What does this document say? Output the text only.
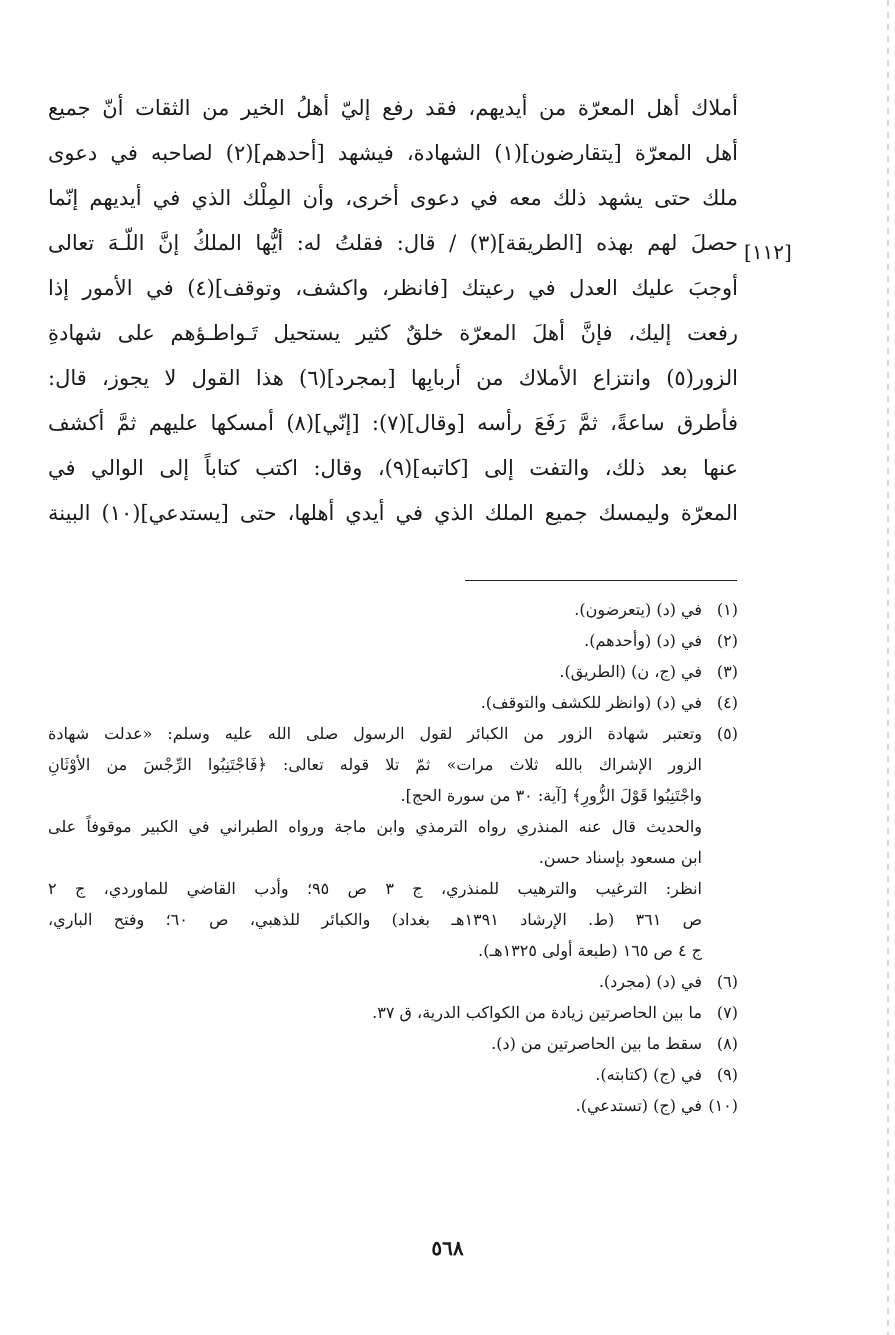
أملاك أهل المعرّة من أيديهم، فقد رفع إليّ أهلُ الخير من الثقات أنّ جميع
أهل المعرّة [يتقارضون](١) الشهادة، فيشهد [أحدهم](٢) لصاحبه في دعوى
ملك حتى يشهد ذلك معه في دعوى أخرى، وأن المِلْك الذي في أيديهم إنّما
حصلَ لهم بهذه [الطريقة](٣) / قال: فقلتُ له: أيُّها الملكُ إنَّ اللّـهَ تعالى
أوجبَ عليك العدل في رعيتك [فانظر، واكشف، وتوقف](٤) في الأمور إذا
رفعت إليك، فإنَّ أهلَ المعرّة خلقٌ كثير يستحيل تَـواطـؤهم على شهادةِ
الزور(٥) وانتزاع الأملاك من أربابِها [بمجرد](٦) هذا القول لا يجوز، قال:
فأطرق ساعةً، ثمَّ رَفَعَ رأسه [وقال](٧): [إنّي](٨) أمسكها عليهم ثمَّ أكشف
عنها بعد ذلك، والتفت إلى [كاتبه](٩)، وقال: اكتب كتاباً إلى الوالي في
المعرّة وليمسك جميع الملك الذي في أيدي أهلها، حتى [يستدعي](١٠) البينة
[١١٢]
(١)
في (د) (يتعرضون).
(٢)
في (د) (وأحدهم).
(٣)
في (ج، ن) (الطريق).
(٤)
في (د) (وانظر للكشف والتوقف).
(٥)
وتعتبر شهادة الزور من الكبائر لقول الرسول صلى الله عليه وسلم: «عدلت شهادة
الزور الإشراك بالله ثلاث مرات» ثمّ تلا قوله تعالى: ﴿فَاجْتَنِبُوا الرِّجْسَ من الأوْثَانِ
واجْتَنِبُوا قَوْلَ الزُّورِ﴾ [آية: ٣٠ من سورة الحج].
والحديث قال عنه المنذري رواه الترمذي وابن ماجة ورواه الطبراني في الكبير موقوفاً على
ابن مسعود بإسناد حسن.
انظر: الترغيب والترهيب للمنذري، ج ٣ ص ٩٥؛ وأدب القاضي للماوردي، ج ٢
ص ٣٦١ (ط. الإرشاد ١٣٩١هـ بغداد) والكبائر للذهبي، ص ٦٠؛ وفتح الباري،
ج ٤ ص ١٦٥ (طبعة أولى ١٣٢٥هـ).
(٦)
في (د) (مجرد).
(٧)
ما بين الحاصرتين زيادة من الكواكب الدرية، ق ٣٧.
(٨)
سقط ما بين الحاصرتين من (د).
(٩)
في (ج) (كتابته).
(١٠)
في (ج) (تستدعي).
٥٦٨
